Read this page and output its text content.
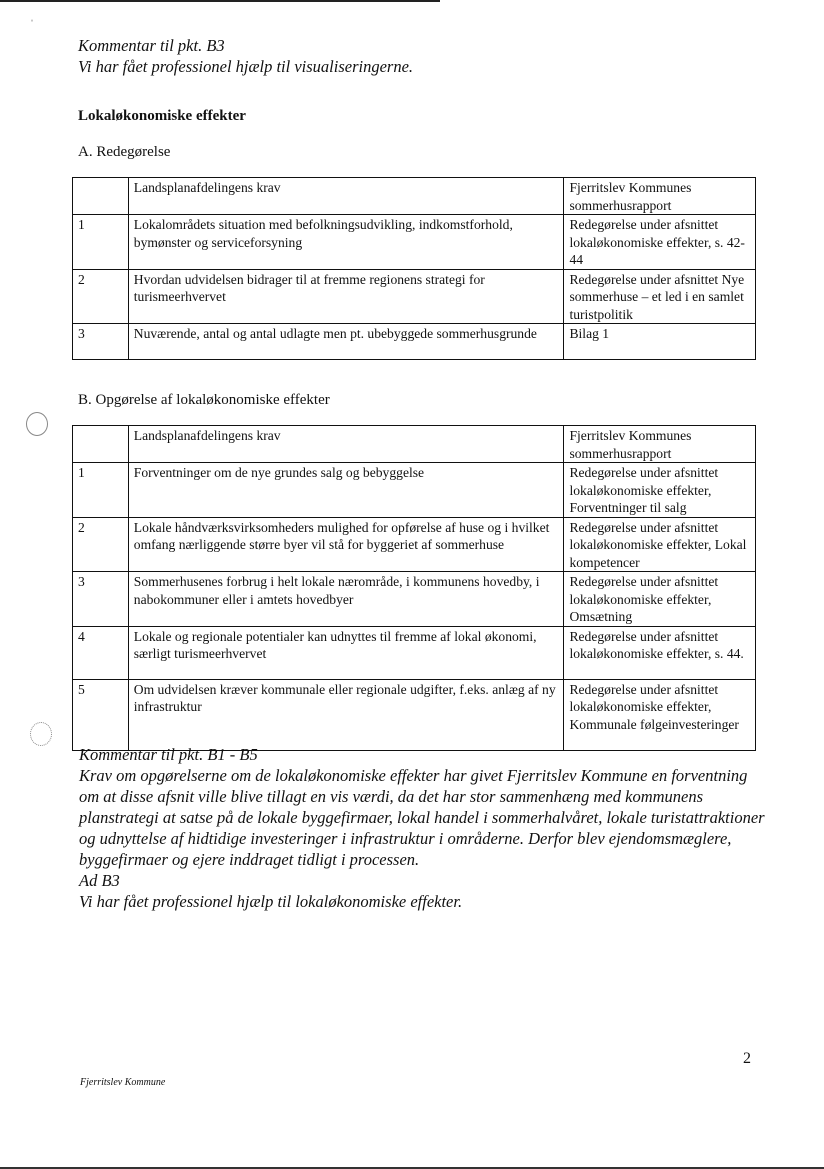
ˌ
Kommentar til pkt. B3
Vi har fået professionel hjælp til visualiseringerne.
Lokaløkonomiske effekter
A. Redegørelse
	Landsplanafdelingens krav	Fjerritslev Kommunes sommerhusrapport
1	Lokalområdets situation med befolkningsudvikling, indkomstforhold, bymønster og serviceforsyning	Redegørelse under afsnittet lokaløkonomiske effekter, s. 42-44
2	Hvordan udvidelsen bidrager til at fremme regionens strategi for turismeerhvervet	Redegørelse under afsnittet Nye sommerhuse – et led i en samlet turistpolitik
3	Nuværende, antal og antal udlagte men pt. ubebyggede sommerhusgrunde	Bilag 1
B. Opgørelse af lokaløkonomiske effekter
	Landsplanafdelingens krav	Fjerritslev Kommunes sommerhusrapport
1	Forventninger om de nye grundes salg og bebyggelse	Redegørelse under afsnittet lokaløkonomiske effekter, Forventninger til salg
2	Lokale håndværksvirksomheders mulighed for opførelse af huse og i hvilket omfang nærliggende større byer vil stå for byggeriet af sommerhuse	Redegørelse under afsnittet lokaløkonomiske effekter, Lokal kompetencer
3	Sommerhusenes forbrug i helt lokale nærområde, i kommunens hovedby, i nabokommuner eller i amtets hovedbyer	Redegørelse under afsnittet lokaløkonomiske effekter, Omsætning
4	Lokale og regionale potentialer kan udnyttes til fremme af lokal økonomi, særligt turismeerhvervet	Redegørelse under afsnittet lokaløkonomiske effekter, s. 44.
5	Om udvidelsen kræver kommunale eller regionale udgifter, f.eks. anlæg af ny infrastruktur	Redegørelse under afsnittet lokaløkonomiske effekter, Kommunale følgeinvesteringer
Kommentar til pkt. B1 - B5
Krav om opgørelserne om de lokaløkonomiske effekter har givet Fjerritslev Kommune en forventning om at disse afsnit ville blive tillagt en vis værdi, da det har stor sammenhæng med kommunens planstrategi at satse på de lokale byggefirmaer, lokal handel i sommerhalvåret, lokale turistattraktioner og udnyttelse af hidtidige investeringer i infrastruktur i områderne. Derfor blev ejendomsmæglere, byggefirmaer og ejere inddraget tidligt i processen.
Ad B3
Vi har fået professionel hjælp til lokaløkonomiske effekter.
2
Fjerritslev Kommune
